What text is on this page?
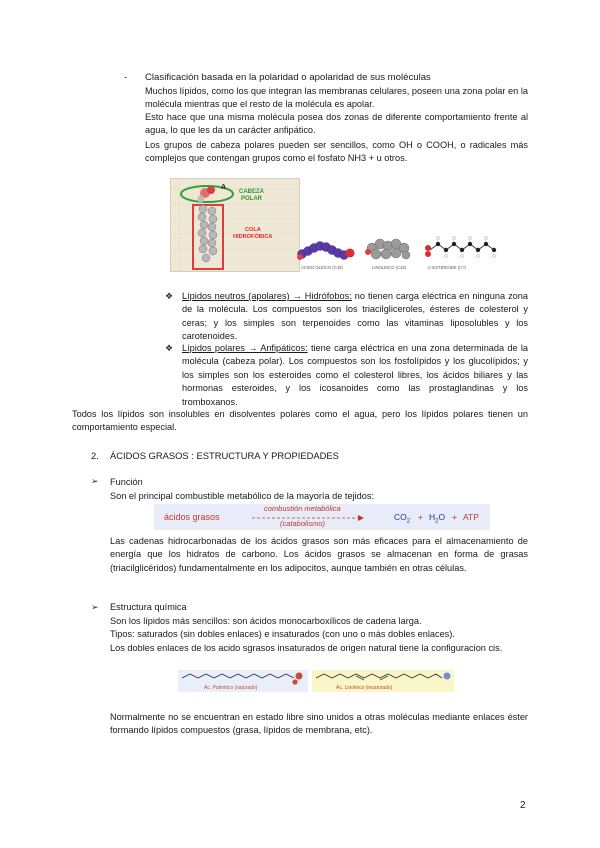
- Clasificación basada en la polaridad o apolaridad de sus moléculas

Muchos lípidos, como los que integran las membranas celulares, poseen una zona polar en la molécula mientras que el resto de la molécula es apolar.

Esto hace que una misma molécula posea dos zonas de diferente comportamiento frente al agua, lo que les da un carácter anfipático.

Los grupos de cabeza polares pueden ser sencillos, como OH o COOH, o radicales más complejos que contengan grupos como el fosfato NH3 + u otros.

A
CABEZA
POLAR
COLA
HIDROFÓBICA
ACIDO OLEICO (C18)	LINOLEICO (C18)	C-ESTEROIDE (C?)
❖ Lípidos neutros (apolares) → Hidrófobos: no tienen carga eléctrica en ninguna zona de la molécula. Los compuestos son los triacilgliceroles, ésteres de colesterol y ceras; y los simples son terpenoides como las vitaminas liposolubles y los carotenoides.

❖ Lípidos polares → Anfipáticos: tiene carga eléctrica en una zona determinada de la molécula (cabeza polar). Los compuestos son los fosfolípidos y los glucolípidos; y los simples son los esteroides como el colesterol libres, los ácidos biliares y las hormonas esteroides, y los icosanoides como las prostaglandinas y los tromboxanos.

Todos los lípidos son insolubles en disolventes polares como el agua, pero los lípidos polares tienen un comportamiento especial.

2. ÁCIDOS GRASOS : ESTRUCTURA Y PROPIEDADES
➢ Función

Son el principal combustible metabólico de la mayoría de tejidos:

ácidos grasos
combustión metabólica
(catabolismo)
$CO_2 + H_2O$ + ATP

Las cadenas hidrocarbonadas de los ácidos grasos son más eficaces para el almacenamiento de energía que los hidratos de carbono. Los ácidos grasos se almacenan en forma de grasas (triacilglicéridos) fundamentalmente en los adipocitos, aunque también en otras células.

➢ Estructura química

Son los lípidos más sencillos: son ácidos monocarboxílicos de cadena larga.

Tipos: saturados (sin dobles enlaces) e insaturados (con uno o más dobles enlaces).

Los dobles enlaces de los acido sgrasos insaturados de origen natural tiene la configuracion cis.

Ac. Palmítico (saturado)	Ac. Linoleico (insaturado)

Normalmente no se encuentran en estado libre sino unidos a otras moléculas mediante enlaces éster formando lípidos compuestos (grasa, lípidos de membrana, etc).

2
